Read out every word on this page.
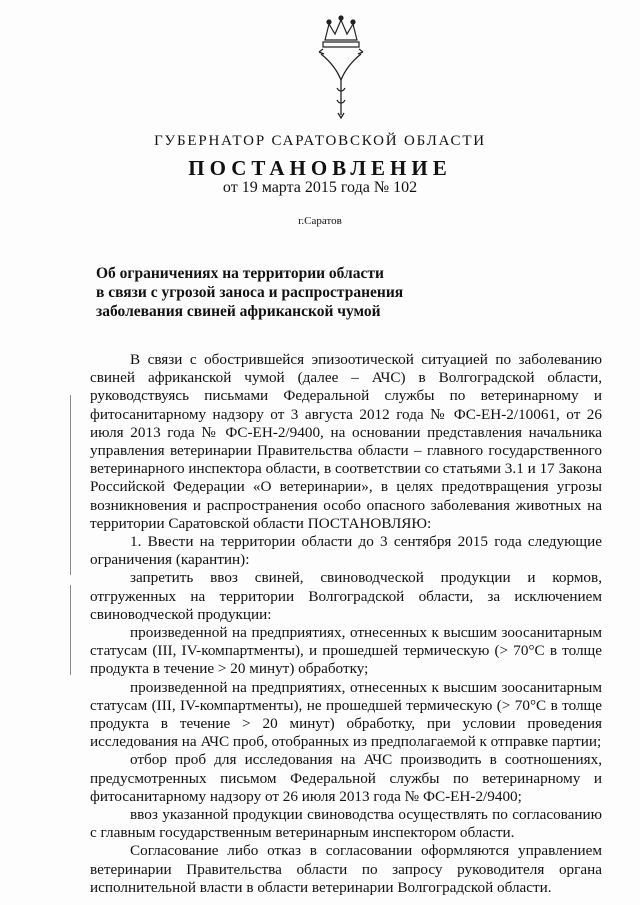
ГУБЕРНАТОР САРАТОВСКОЙ ОБЛАСТИ
ПОСТАНОВЛЕНИЕ
от 19 марта 2015 года № 102
г.Саратов
Об ограничениях на территории области
в связи с угрозой заноса и распространения
заболевания свиней африканской чумой

В связи с обострившейся эпизоотической ситуацией по заболеванию свиней африканской чумой (далее – АЧС) в Волгоградской области, руководствуясь письмами Федеральной службы по ветеринарному и фитосанитарному надзору от 3 августа 2012 года № ФС-ЕН-2/10061, от 26 июля 2013 года № ФС-ЕН-2/9400, на основании представления начальника управления ветеринарии Правительства области – главного государственного ветеринарного инспектора области, в соответствии со статьями 3.1 и 17 Закона Российской Федерации «О ветеринарии», в целях предотвращения угрозы возникновения и распространения особо опасного заболевания животных на территории Саратовской области ПОСТАНОВЛЯЮ:

1. Ввести на территории области до 3 сентября 2015 года следующие ограничения (карантин):

запретить ввоз свиней, свиноводческой продукции и кормов, отгруженных на территории Волгоградской области, за исключением свиноводческой продукции:

произведенной на предприятиях, отнесенных к высшим зоосанитарным статусам (III, IV-компартменты), и прошедшей термическую (> 70°С в толще продукта в течение > 20 минут) обработку;

произведенной на предприятиях, отнесенных к высшим зоосанитарным статусам (III, IV-компартменты), не прошедшей термическую (> 70°С в толще продукта в течение > 20 минут) обработку, при условии проведения исследования на АЧС проб, отобранных из предполагаемой к отправке партии;

отбор проб для исследования на АЧС производить в соотношениях, предусмотренных письмом Федеральной службы по ветеринарному и фитосанитарному надзору от 26 июля 2013 года № ФС-ЕН-2/9400;

ввоз указанной продукции свиноводства осуществлять по согласованию с главным государственным ветеринарным инспектором области.

Согласование либо отказ в согласовании оформляются управлением ветеринарии Правительства области по запросу руководителя органа исполнительной власти в области ветеринарии Волгоградской области.
